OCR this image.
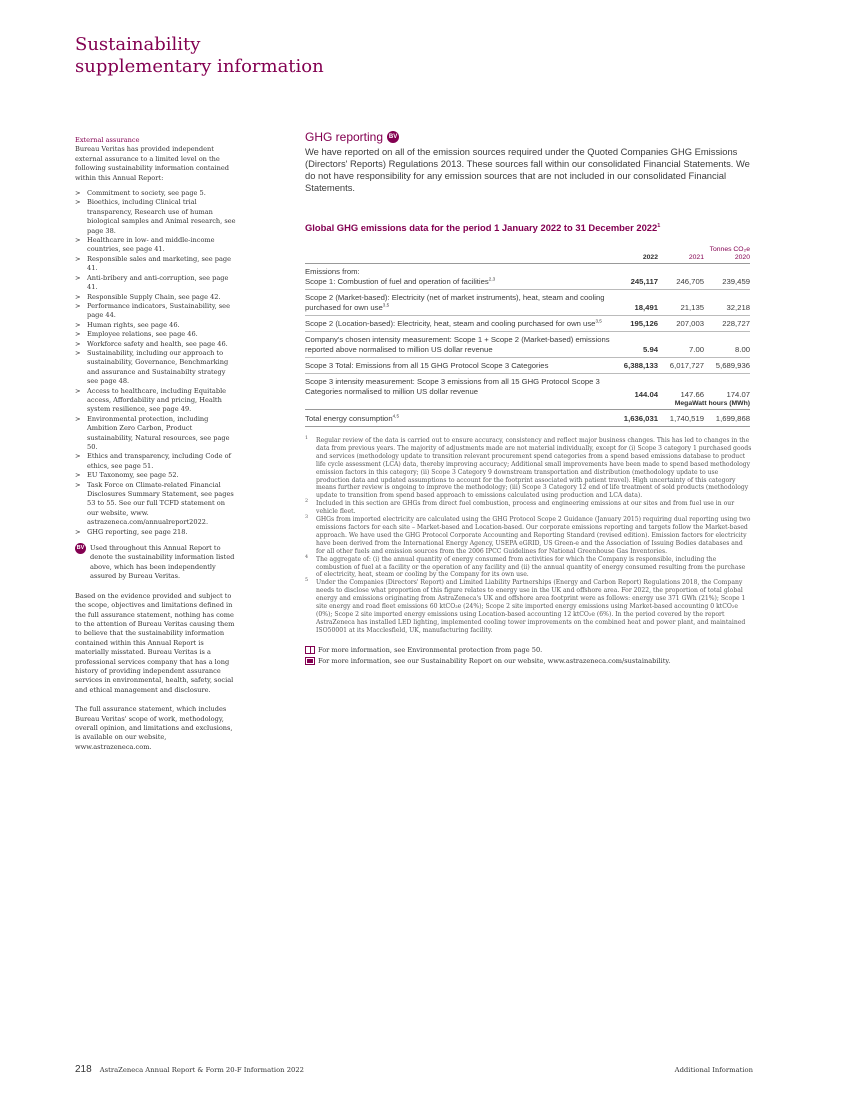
Sustainability
supplementary information
External assurance

Bureau Veritas has provided independent external assurance to a limited level on the following sustainability information contained within this Annual Report:

> Commitment to society, see page 5.
> Bioethics, including Clinical trial transparency, Research use of human biological samples and Animal research, see page 38.
> Healthcare in low- and middle-income countries, see page 41.
> Responsible sales and marketing, see page 41.
> Anti-bribery and anti-corruption, see page 41.
> Responsible Supply Chain, see page 42.
> Performance indicators, Sustainability, see page 44.
> Human rights, see page 46.
> Employee relations, see page 46.
> Workforce safety and health, see page 46.
> Sustainability, including our approach to sustainability, Governance, Benchmarking and assurance and Sustainabilty strategy see page 48.
> Access to healthcare, including Equitable access, Affordability and pricing, Health system resilience, see page 49.
> Environmental protection, including Ambition Zero Carbon, Product sustainability, Natural resources, see page 50.
> Ethics and transparency, including Code of ethics, see page 51.
> EU Taxonomy, see page 52.
> Task Force on Climate-related Financial Disclosures Summary Statement, see pages 53 to 55. See our full TCFD statement on our website, www. astrazeneca.com/annualreport2022.
> GHG reporting, see page 218.
BV Used throughout this Annual Report to denote the sustainability information listed above, which has been independently assured by Bureau Veritas.

Based on the evidence provided and subject to the scope, objectives and limitations defined in the full assurance statement, nothing has come to the attention of Bureau Veritas causing them to believe that the sustainability information contained within this Annual Report is materially misstated. Bureau Veritas is a professional services company that has a long history of providing independent assurance services in environmental, health, safety, social and ethical management and disclosure.

The full assurance statement, which includes Bureau Veritas' scope of work, methodology, overall opinion, and limitations and exclusions, is available on our website, www.astrazeneca.com.

GHG reporting BV
We have reported on all of the emission sources required under the Quoted Companies GHG Emissions (Directors' Reports) Regulations 2013. These sources fall within our consolidated Financial Statements. We do not have responsibility for any emission sources that are not included in our consolidated Financial Statements.
Global GHG emissions data for the period 1 January 2022 to 31 December 2022$^1$
	Tonnes CO₂e		
	2022	2021	2020

Emissions from:
Scope 1: Combustion of fuel and operation of facilities$^{2,3}$	245,117	246,705	239,459
Scope 2 (Market-based): Electricity (net of market instruments), heat, steam and cooling purchased for own use$^{3,5}$	18,491	21,135	32,218
Scope 2 (Location-based): Electricity, heat, steam and cooling purchased for own use$^{3,5}$	195,126	207,003	228,727
Company's chosen intensity measurement: Scope 1 + Scope 2 (Market-based) emissions reported above normalised to million US dollar revenue	5.94	7.00	8.00
Scope 3 Total: Emissions from all 15 GHG Protocol Scope 3 Categories	6,388,133	6,017,727	5,689,936
Scope 3 intensity measurement: Scope 3 emissions from all 15 GHG Protocol Scope 3 Categories normalised to million US dollar revenue	144.04	147.66	174.07
	MegaWatt hours (MWh)		
Total energy consumption$^{4,5}$	1,636,031	1,740,519	1,699,868
1 Regular review of the data is carried out to ensure accuracy, consistency and reflect major business changes. This has led to changes in the data from previous years. The majority of adjustments made are not material individually, except for (i) Scope 3 category 1 purchased goods and services (methodology update to transition relevant procurement spend categories from a spend based emissions database to product life cycle assessment (LCA) data, thereby improving accuracy; Additional small improvements have been made to spend based methodology emission factors in this category; (ii) Scope 3 Category 9 downstream transportation and distribution (methodology update to use production data and updated assumptions to account for the footprint associated with patient travel). High uncertainty of this category means further review is ongoing to improve the methodology; (iii) Scope 3 Category 12 end of life treatment of sold products (methodology update to transition from spend based approach to emissions calculated using production and LCA data).
2 Included in this section are GHGs from direct fuel combustion, process and engineering emissions at our sites and from fuel use in our vehicle fleet.
3 GHGs from imported electricity are calculated using the GHG Protocol Scope 2 Guidance (January 2015) requiring dual reporting using two emissions factors for each site – Market-based and Location-based. Our corporate emissions reporting and targets follow the Market-based approach. We have used the GHG Protocol Corporate Accounting and Reporting Standard (revised edition). Emission factors for electricity have been derived from the International Energy Agency, USEPA eGRID, US Green-e and the Association of Issuing Bodies databases and for all other fuels and emission sources from the 2006 IPCC Guidelines for National Greenhouse Gas Inventories.
4 The aggregate of: (i) the annual quantity of energy consumed from activities for which the Company is responsible, including the combustion of fuel at a facility or the operation of any facility and (ii) the annual quantity of energy consumed resulting from the purchase of electricity, heat, steam or cooling by the Company for its own use.
5 Under the Companies (Directors' Report) and Limited Liability Partnerships (Energy and Carbon Report) Regulations 2018, the Company needs to disclose what proportion of this figure relates to energy use in the UK and offshore area. For 2022, the proportion of total global energy and emissions originating from AstraZeneca's UK and offshore area footprint were as follows: energy use 371 GWh (21%); Scope 1 site energy and road fleet emissions 60 ktCO₂e (24%); Scope 2 site imported energy emissions using Market-based accounting 0 ktCO₂e (0%); Scope 2 site imported energy emissions using Location-based accounting 12 ktCO₂e (6%). In the period covered by the report AstraZeneca has installed LED lighting, implemented cooling tower improvements on the combined heat and power plant, and maintained ISO50001 at its Macclesfield, UK, manufacturing facility.
For more information, see Environmental protection from page 50.
For more information, see our Sustainability Report on our website, www.astrazeneca.com/sustainability.
218 AstraZeneca Annual Report & Form 20-F Information 2022	Additional Information
